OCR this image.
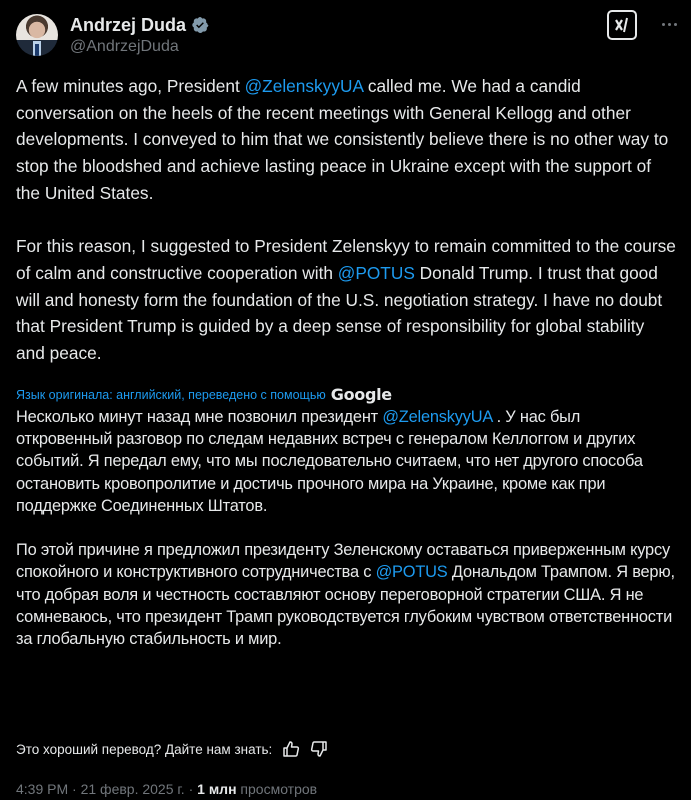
Andrzej Duda
@AndrzejDuda

A few minutes ago, President @ZelenskyyUA called me. We had a candid conversation on the heels of the recent meetings with General Kellogg and other developments. I conveyed to him that we consistently believe there is no other way to stop the bloodshed and achieve lasting peace in Ukraine except with the support of the United States.

For this reason, I suggested to President Zelenskyy to remain committed to the course of calm and constructive cooperation with @POTUS Donald Trump. I trust that good will and honesty form the foundation of the U.S. negotiation strategy. I have no doubt that President Trump is guided by a deep sense of responsibility for global stability and peace.

Язык оригинала: английский, переведено с помощью Google

Несколько минут назад мне позвонил президент @ZelenskyyUA . У нас был откровенный разговор по следам недавних встреч с генералом Келлоггом и других событий. Я передал ему, что мы последовательно считаем, что нет другого способа остановить кровопролитие и достичь прочного мира на Украине, кроме как при поддержке Соединенных Штатов.

По этой причине я предложил президенту Зеленскому оставаться приверженным курсу спокойного и конструктивного сотрудничества с @POTUS Дональдом Трампом. Я верю, что добрая воля и честность составляют основу переговорной стратегии США. Я не сомневаюсь, что президент Трамп руководствуется глубоким чувством ответственности за глобальную стабильность и мир.

Это хороший перевод? Дайте нам знать:
4:39 PM · 21 февр. 2025 г. · 1 млн просмотров
